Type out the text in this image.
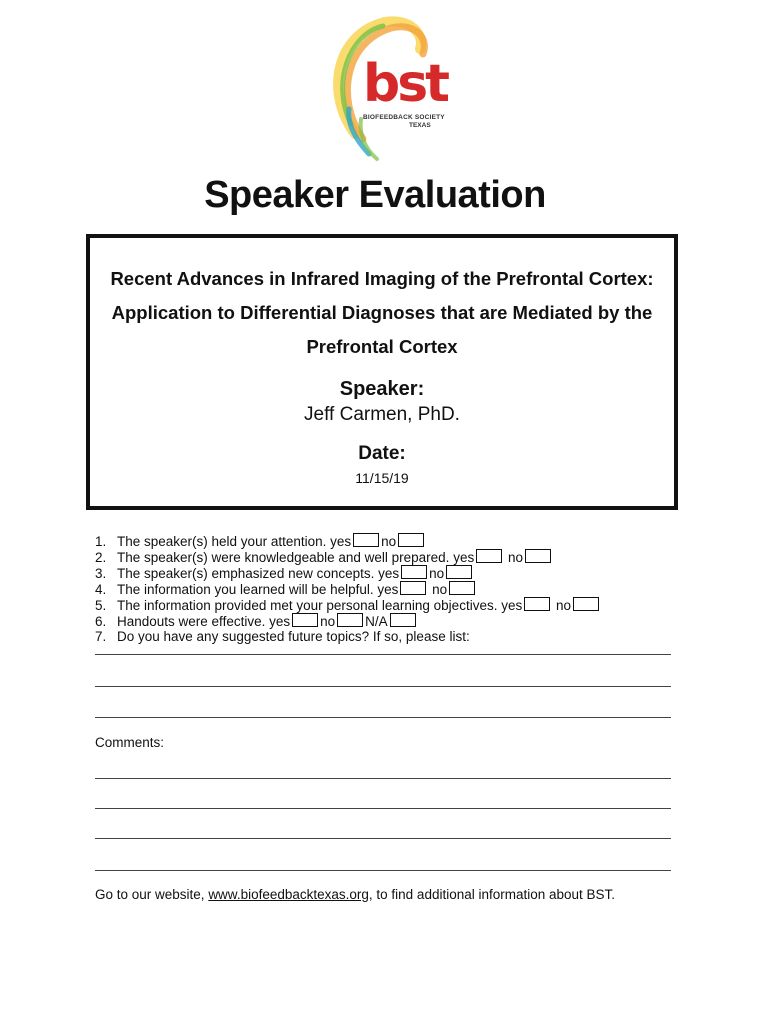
bst
BIOFEEDBACK SOCIETY
TEXAS
Speaker Evaluation
Recent Advances in Infrared Imaging of the Prefrontal Cortex:
Application to Differential Diagnoses that are Mediated by the
Prefrontal Cortex
Speaker:
Jeff Carmen, PhD.
Date:
11/15/19
1. The speaker(s) held your attention. yes no
2. The speaker(s) were knowledgeable and well prepared. yes	no
3. The speaker(s) emphasized new concepts. yes no
4. The information you learned will be helpful. yes	no
5. The information provided met your personal learning objectives. yes	no
6. Handouts were effective. yes no N/A
7. Do you have any suggested future topics? If so, please list:
Comments:
Go to our website, www.biofeedbacktexas.org, to find additional information about BST.
